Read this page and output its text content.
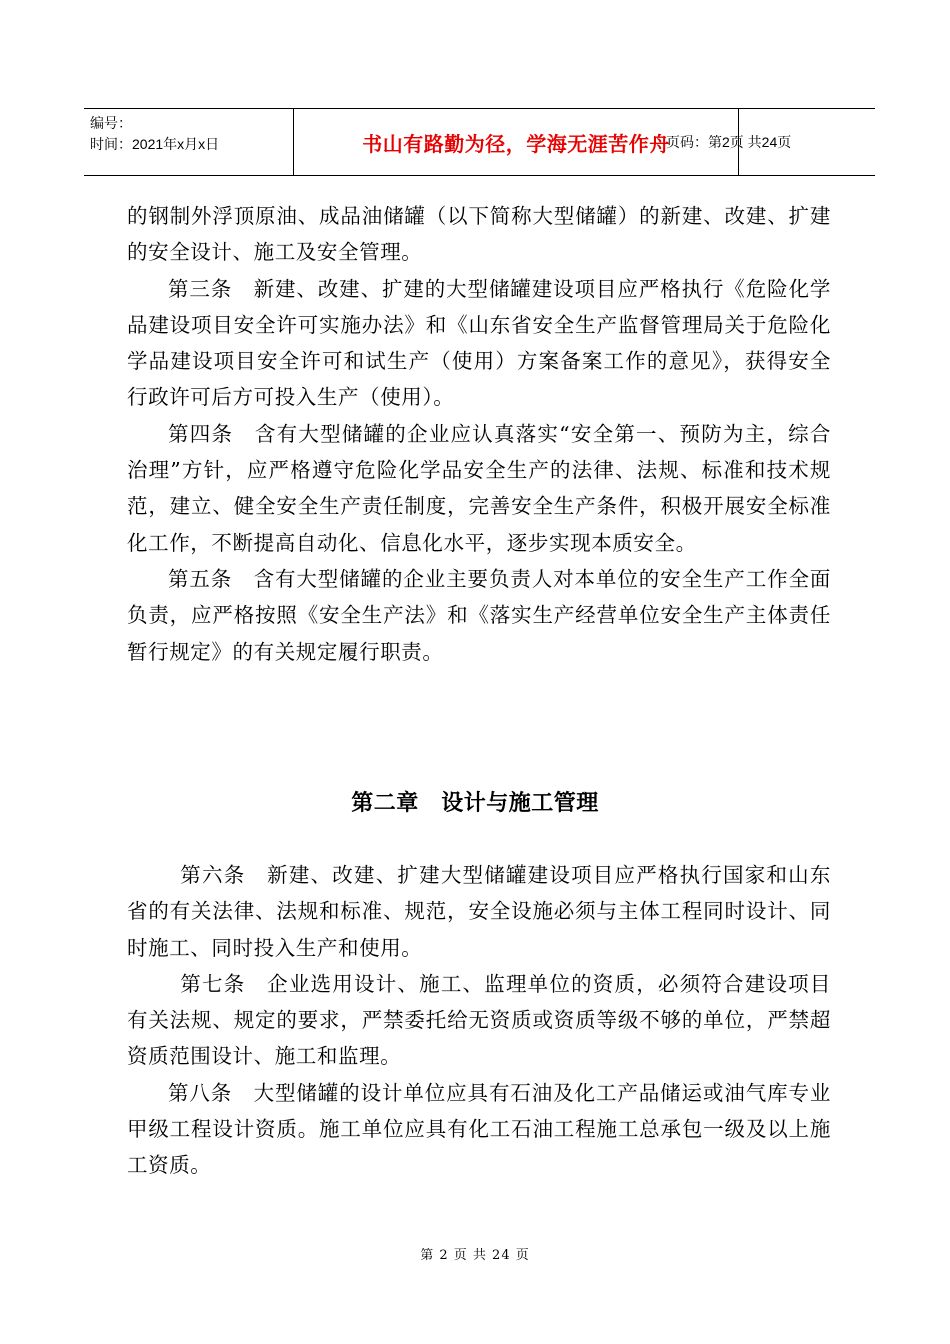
编号：
时间：2021年x月x日	书山有路勤为径，学海无涯苦作舟
页码：第2页 共24页

的钢制外浮顶原油、成品油储罐（以下简称大型储罐）的新建、改建、扩建的安全设计、施工及安全管理。

第三条　新建、改建、扩建的大型储罐建设项目应严格执行《危险化学品建设项目安全许可实施办法》和《山东省安全生产监督管理局关于危险化学品建设项目安全许可和试生产（使用）方案备案工作的意见》，获得安全行政许可后方可投入生产（使用）。

第四条　含有大型储罐的企业应认真落实“安全第一、预防为主，综合治理”方针，应严格遵守危险化学品安全生产的法律、法规、标准和技术规范，建立、健全安全生产责任制度，完善安全生产条件，积极开展安全标准化工作，不断提高自动化、信息化水平，逐步实现本质安全。

第五条　含有大型储罐的企业主要负责人对本单位的安全生产工作全面负责，应严格按照《安全生产法》和《落实生产经营单位安全生产主体责任暂行规定》的有关规定履行职责。

第二章　设计与施工管理

第六条　新建、改建、扩建大型储罐建设项目应严格执行国家和山东省的有关法律、法规和标准、规范，安全设施必须与主体工程同时设计、同时施工、同时投入生产和使用。

第七条　企业选用设计、施工、监理单位的资质，必须符合建设项目有关法规、规定的要求，严禁委托给无资质或资质等级不够的单位，严禁超资质范围设计、施工和监理。

第八条　大型储罐的设计单位应具有石油及化工产品储运或油气库专业甲级工程设计资质。施工单位应具有化工石油工程施工总承包一级及以上施工资质。

第 2 页 共 24 页
